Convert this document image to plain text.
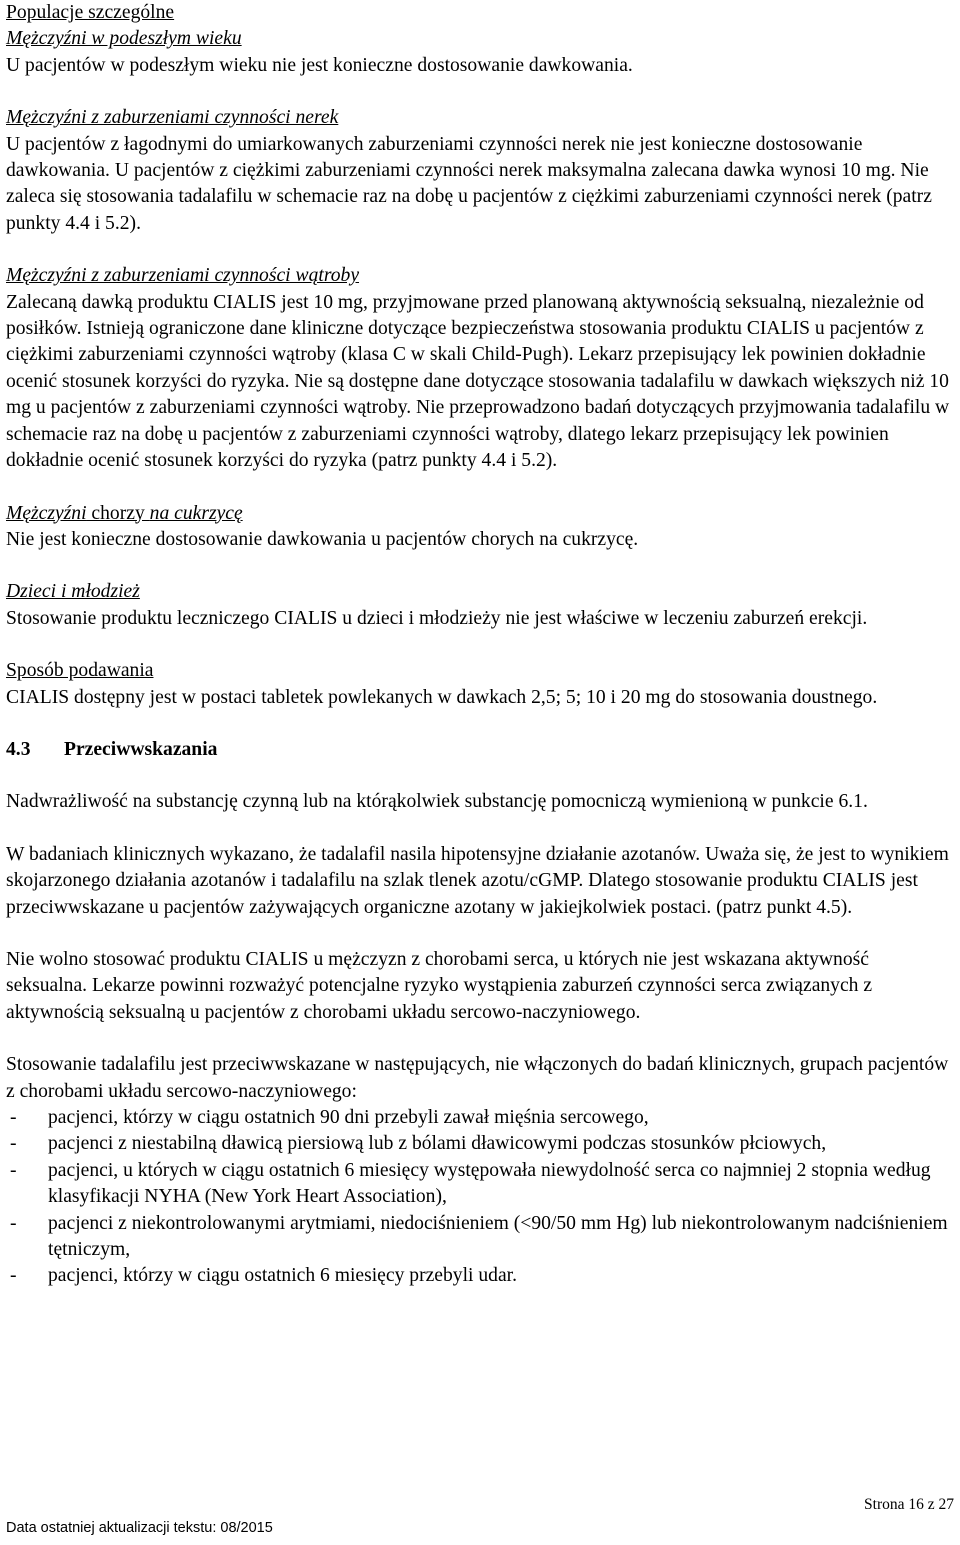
Populacje szczególne

Mężczyźni w podeszłym wieku

U pacjentów w podeszłym wieku nie jest konieczne dostosowanie dawkowania.

Mężczyźni z zaburzeniami czynności nerek

U pacjentów z łagodnymi do umiarkowanych zaburzeniami czynności nerek nie jest konieczne dostosowanie dawkowania. U pacjentów z ciężkimi zaburzeniami czynności nerek maksymalna zalecana dawka wynosi 10 mg. Nie zaleca się stosowania tadalafilu w schemacie raz na dobę u pacjentów z ciężkimi zaburzeniami czynności nerek (patrz punkty 4.4 i 5.2).

Mężczyźni z zaburzeniami czynności wątroby

Zalecaną dawką produktu CIALIS jest 10 mg, przyjmowane przed planowaną aktywnością seksualną, niezależnie od posiłków. Istnieją ograniczone dane kliniczne dotyczące bezpieczeństwa stosowania produktu CIALIS u pacjentów z ciężkimi zaburzeniami czynności wątroby (klasa C w skali Child-Pugh). Lekarz przepisujący lek powinien dokładnie ocenić stosunek korzyści do ryzyka. Nie są dostępne dane dotyczące stosowania tadalafilu w dawkach większych niż 10 mg u pacjentów z zaburzeniami czynności wątroby. Nie przeprowadzono badań dotyczących przyjmowania tadalafilu w schemacie raz na dobę u pacjentów z zaburzeniami czynności wątroby, dlatego lekarz przepisujący lek powinien dokładnie ocenić stosunek korzyści do ryzyka (patrz punkty 4.4 i 5.2).

Mężczyźni chorzy na cukrzycę

Nie jest konieczne dostosowanie dawkowania u pacjentów chorych na cukrzycę.

Dzieci i młodzież

Stosowanie produktu leczniczego CIALIS u dzieci i młodzieży nie jest właściwe w leczeniu zaburzeń erekcji.

Sposób podawania

CIALIS dostępny jest w postaci tabletek powlekanych w dawkach 2,5; 5; 10 i 20 mg do stosowania doustnego.

4.3	Przeciwwskazania

Nadwrażliwość na substancję czynną lub na którąkolwiek substancję pomocniczą wymienioną w punkcie 6.1.

W badaniach klinicznych wykazano, że tadalafil nasila hipotensyjne działanie azotanów. Uważa się, że jest to wynikiem skojarzonego działania azotanów i tadalafilu na szlak tlenek azotu/cGMP. Dlatego stosowanie produktu CIALIS jest przeciwwskazane u pacjentów zażywających organiczne azotany w jakiejkolwiek postaci. (patrz punkt 4.5).

Nie wolno stosować produktu CIALIS u mężczyzn z chorobami serca, u których nie jest wskazana aktywność seksualna. Lekarze powinni rozważyć potencjalne ryzyko wystąpienia zaburzeń czynności serca związanych z aktywnością seksualną u pacjentów z chorobami układu sercowo-naczyniowego.

Stosowanie tadalafilu jest przeciwwskazane w następujących, nie włączonych do badań klinicznych, grupach pacjentów z chorobami układu sercowo-naczyniowego:

- pacjenci, którzy w ciągu ostatnich 90 dni przebyli zawał mięśnia sercowego,
- pacjenci z niestabilną dławicą piersiową lub z bólami dławicowymi podczas stosunków płciowych,
- pacjenci, u których w ciągu ostatnich 6 miesięcy występowała niewydolność serca co najmniej 2 stopnia według klasyfikacji NYHA (New York Heart Association),
- pacjenci z niekontrolowanymi arytmiami, niedociśnieniem (<90/50 mm Hg) lub niekontrolowanym nadciśnieniem tętniczym,
- pacjenci, którzy w ciągu ostatnich 6 miesięcy przebyli udar.
Strona 16 z 27
Data ostatniej aktualizacji tekstu: 08/2015
